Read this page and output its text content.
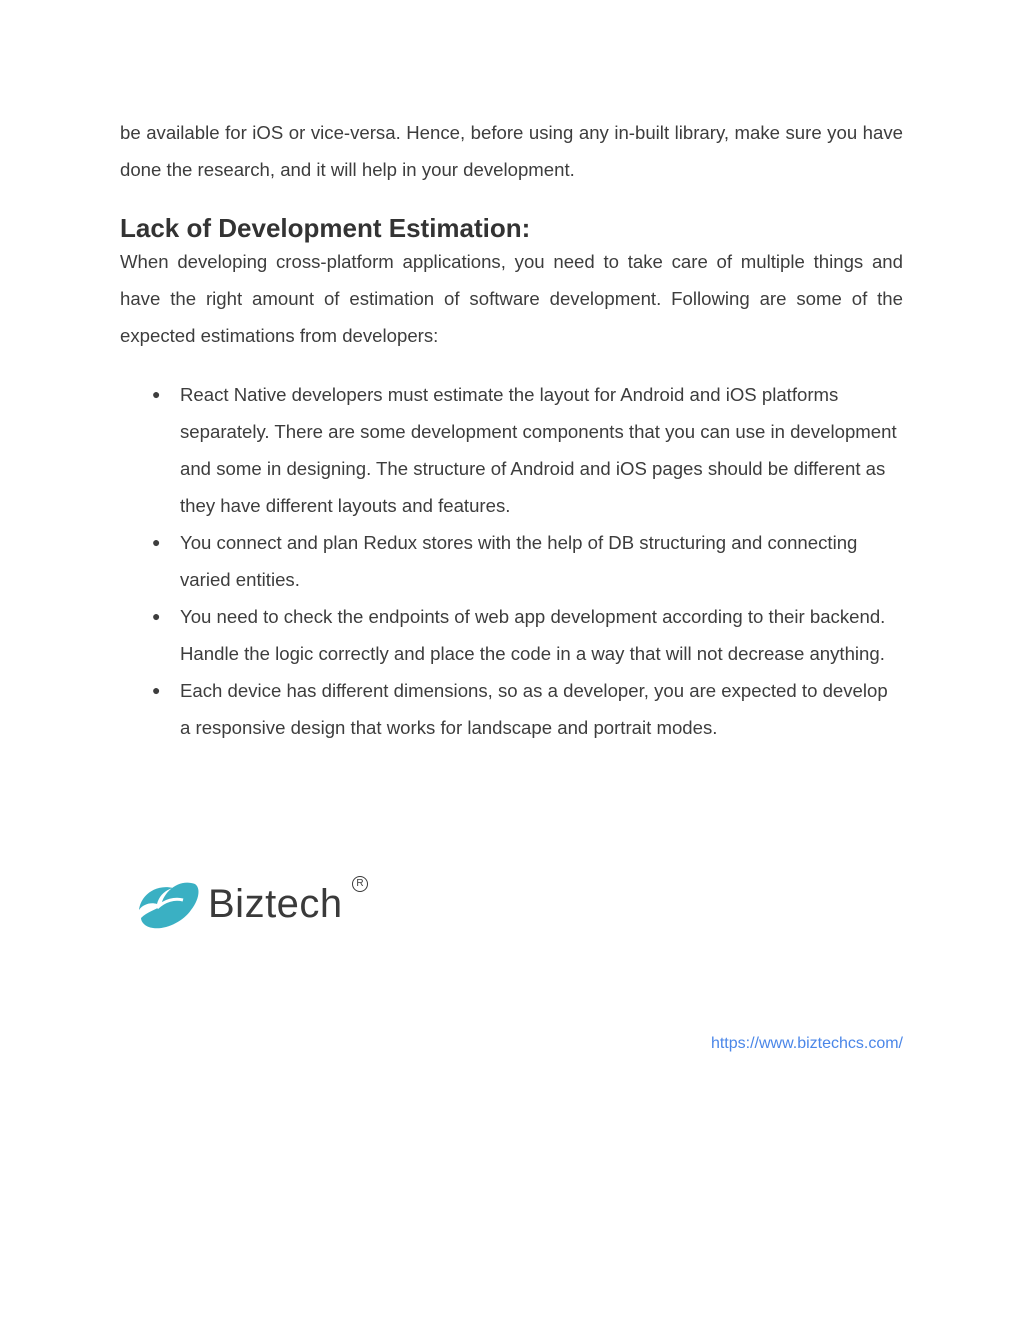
be available for iOS or vice-versa. Hence, before using any in-built library, make sure you have done the research, and it will help in your development.

Lack of Development Estimation:

When developing cross-platform applications, you need to take care of multiple things and have the right amount of estimation of software development. Following are some of the expected estimations from developers:

● React Native developers must estimate the layout for Android and iOS platforms separately. There are some development components that you can use in development and some in designing. The structure of Android and iOS pages should be different as they have different layouts and features.
● You connect and plan Redux stores with the help of DB structuring and connecting varied entities.
● You need to check the endpoints of web app development according to their backend. Handle the logic correctly and place the code in a way that will not decrease anything.
● Each device has different dimensions, so as a developer, you are expected to develop a responsive design that works for landscape and portrait modes.
Biztech	R
https://www.biztechcs.com/
